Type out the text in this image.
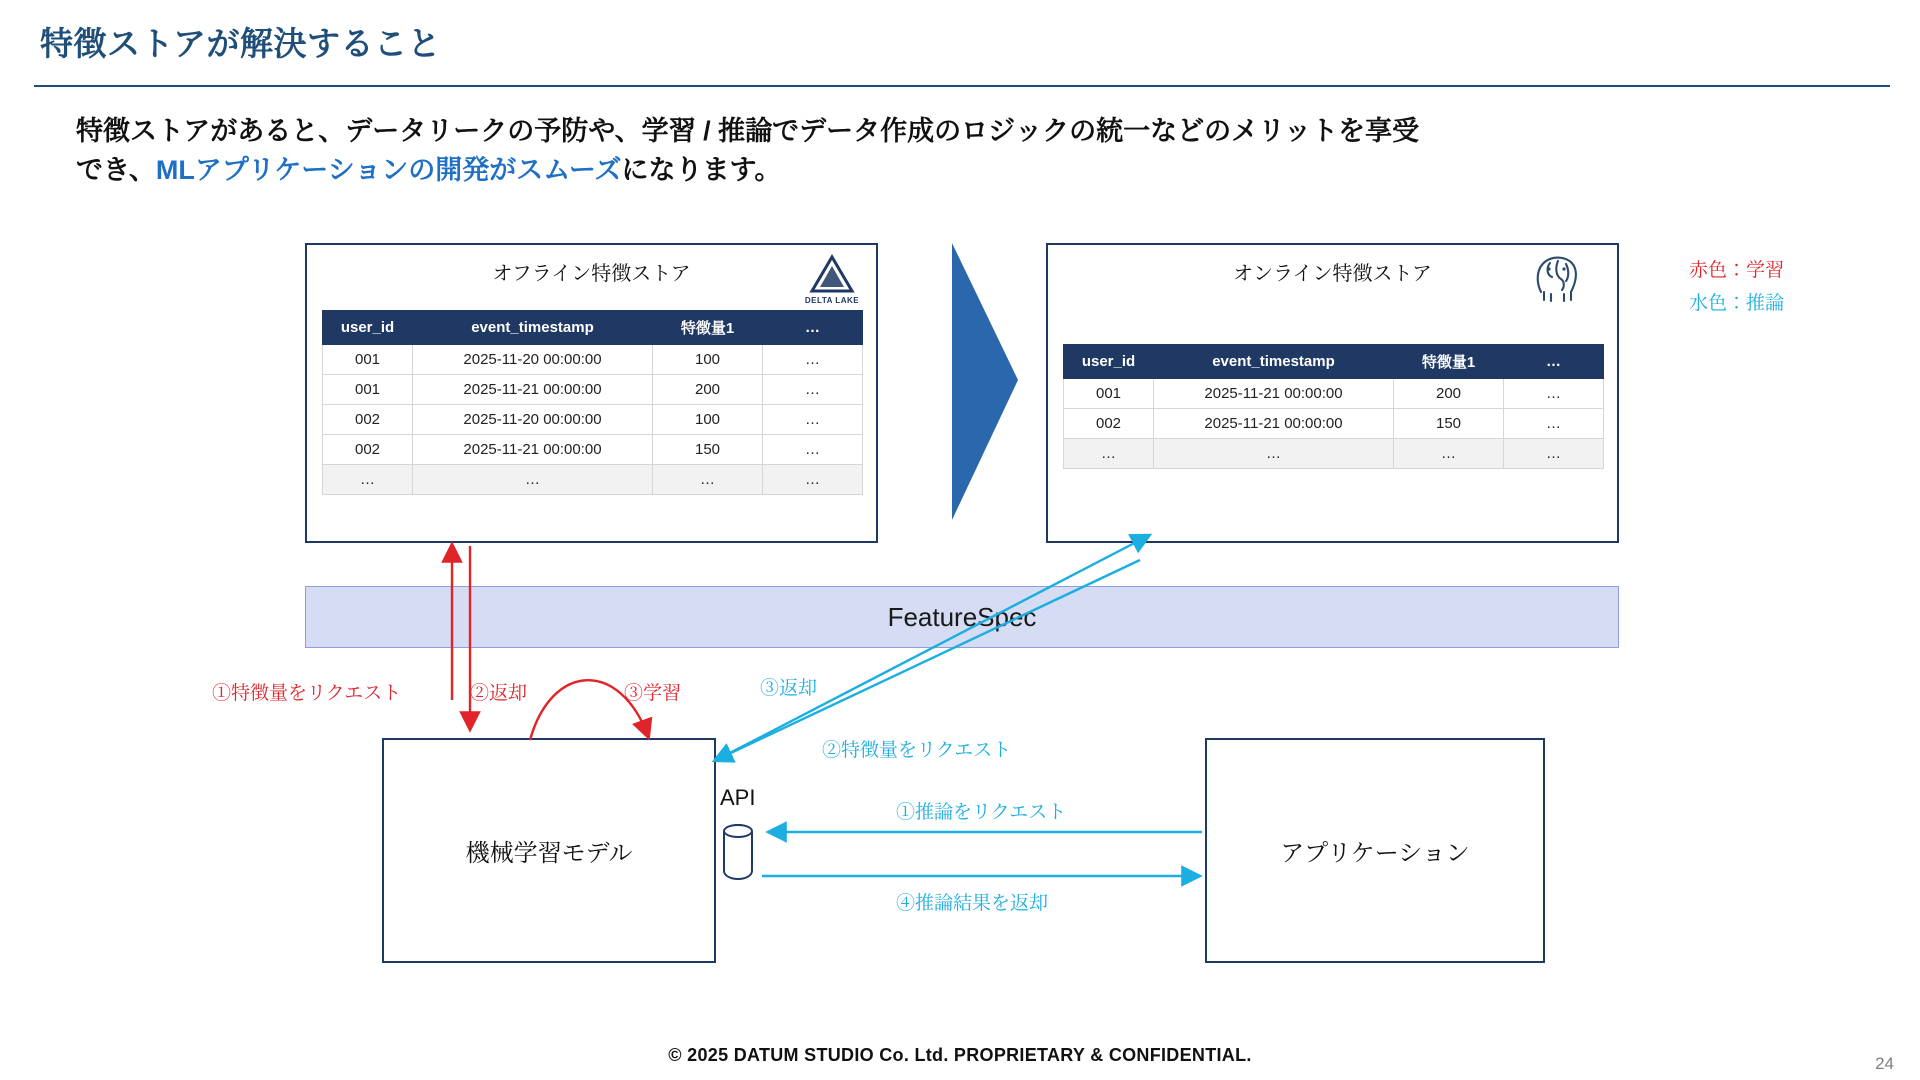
特徴ストアが解決すること
特徴ストアがあると、データリークの予防や、学習 / 推論でデータ作成のロジックの統一などのメリットを享受
でき、MLアプリケーションの開発がスムーズになります。
オフライン特徴ストア
DELTA LAKE
user_id	event_timestamp	特徴量1	…
001	2025-11-20 00:00:00	100	…
001	2025-11-21 00:00:00	200	…
002	2025-11-20 00:00:00	100	…
002	2025-11-21 00:00:00	150	…
…	…	…	…
オンライン特徴ストア
user_id	event_timestamp	特徴量1	…
001	2025-11-21 00:00:00	200	…
002	2025-11-21 00:00:00	150	…
…	…	…	…
赤色：学習
水色：推論
FeatureSpec
機械学習モデル	アプリケーション
API
①特徴量をリクエスト	②返却	③学習	③返却
②特徴量をリクエスト
①推論をリクエスト
④推論結果を返却
© 2025 DATUM STUDIO Co. Ltd. PROPRIETARY & CONFIDENTIAL.	24
